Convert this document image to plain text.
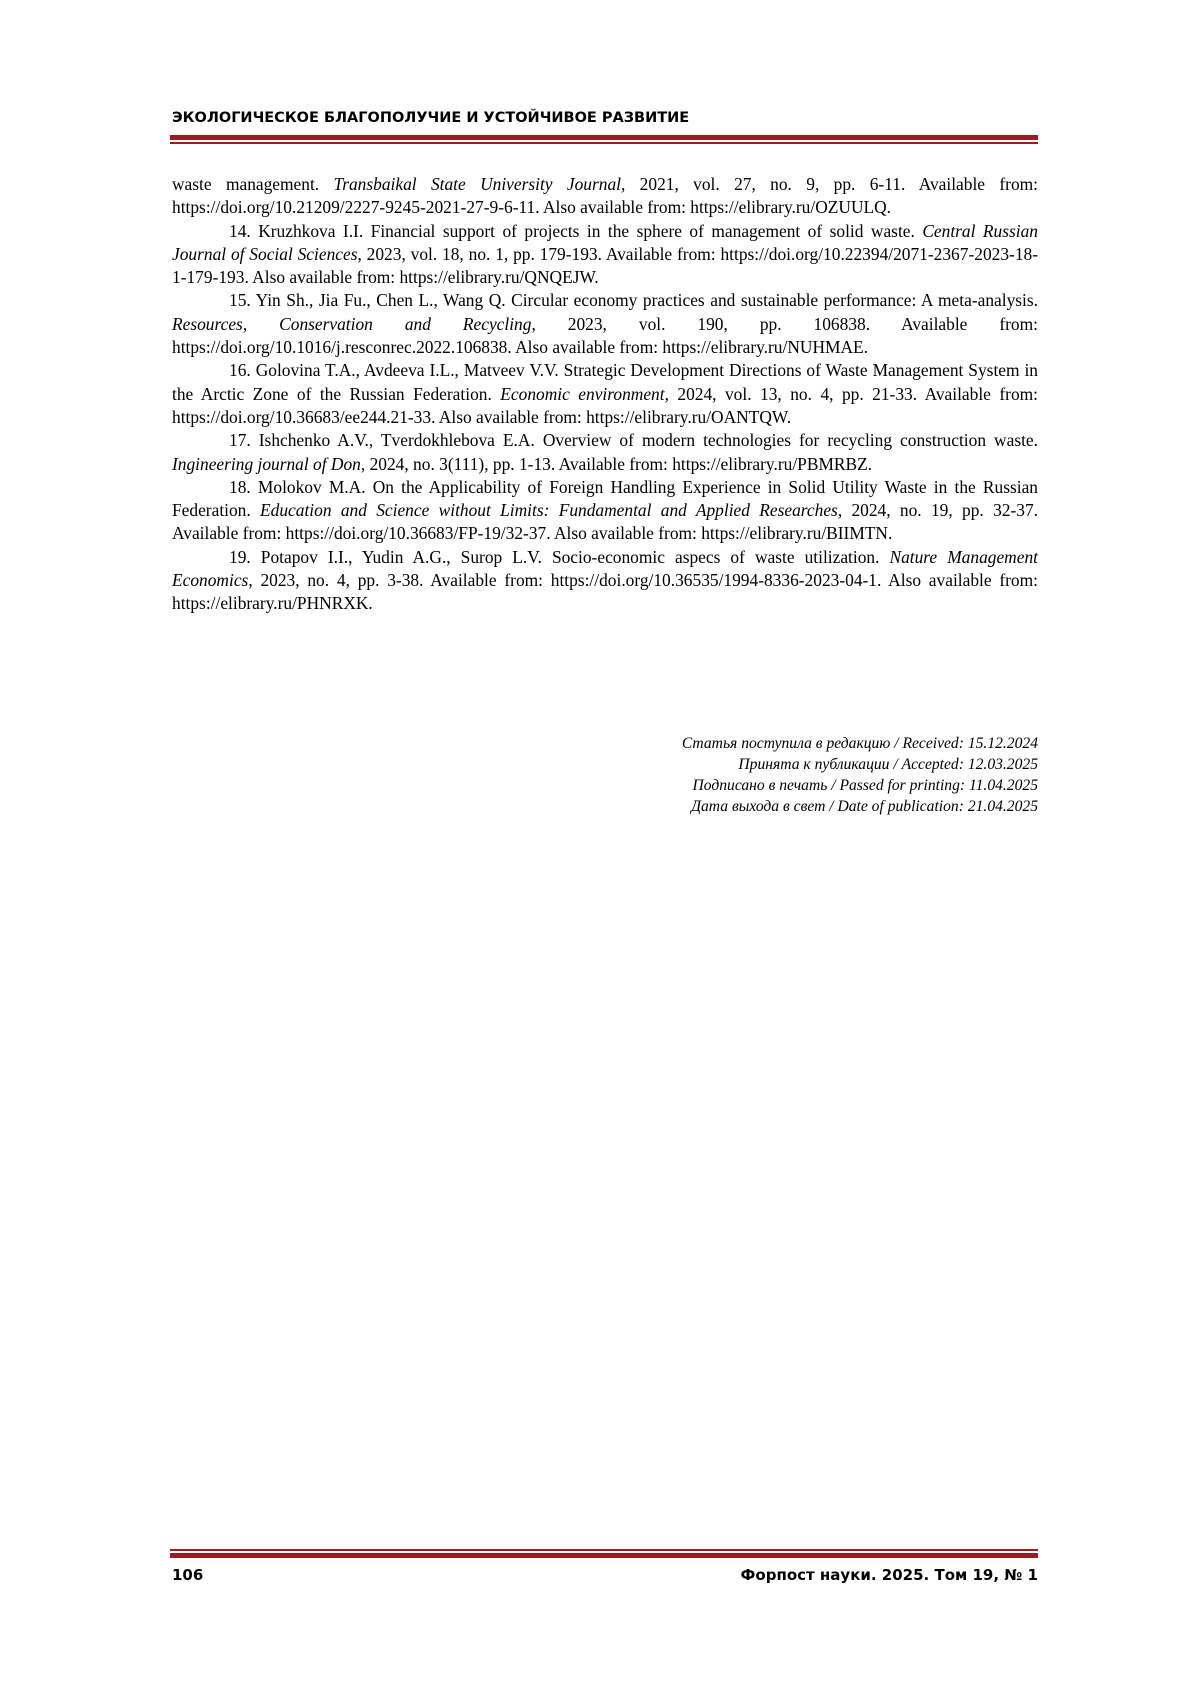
ЭКОЛОГИЧЕСКОЕ БЛАГОПОЛУЧИЕ И УСТОЙЧИВОЕ РАЗВИТИЕ

waste management. Transbaikal State University Journal, 2021, vol. 27, no. 9, pp. 6-11. Available from: https://doi.org/10.21209/2227-9245-2021-27-9-6-11. Also available from: https://elibrary.ru/OZUULQ.

14. Kruzhkova I.I. Financial support of projects in the sphere of management of solid waste. Central Russian Journal of Social Sciences, 2023, vol. 18, no. 1, pp. 179-193. Available from: https://doi.org/10.22394/2071-2367-2023-18-1-179-193. Also available from: https://elibrary.ru/QNQEJW.

15. Yin Sh., Jia Fu., Chen L., Wang Q. Circular economy practices and sustainable performance: A meta-analysis. Resources, Conservation and Recycling, 2023, vol. 190, pp. 106838. Available from: https://doi.org/10.1016/j.resconrec.2022.106838. Also available from: https://elibrary.ru/NUHMAE.

16. Golovina T.A., Avdeeva I.L., Matveev V.V. Strategic Development Directions of Waste Management System in the Arctic Zone of the Russian Federation. Economic environment, 2024, vol. 13, no. 4, pp. 21-33. Available from: https://doi.org/10.36683/ee244.21-33. Also available from: https://elibrary.ru/OANTQW.

17. Ishchenko A.V., Tverdokhlebova E.A. Overview of modern technologies for recycling construction waste. Ingineering journal of Don, 2024, no. 3(111), pp. 1-13. Available from: https://elibrary.ru/PBMRBZ.

18. Molokov M.A. On the Applicability of Foreign Handling Experience in Solid Utility Waste in the Russian Federation. Education and Science without Limits: Fundamental and Applied Researches, 2024, no. 19, pp. 32-37. Available from: https://doi.org/10.36683/FP-19/32-37. Also available from: https://elibrary.ru/BIIMTN.

19. Potapov I.I., Yudin A.G., Surop L.V. Socio-economic aspecs of waste utilization. Nature Management Economics, 2023, no. 4, pp. 3-38. Available from: https://doi.org/10.36535/1994-8336-2023-04-1. Also available from: https://elibrary.ru/PHNRXK.

Статья поступила в редакцию / Received: 15.12.2024
Принята к публикации / Accepted: 12.03.2025
Подписано в печать / Passed for printing: 11.04.2025
Дата выхода в свет / Date of publication: 21.04.2025
106	Форпост науки. 2025. Том 19, № 1
